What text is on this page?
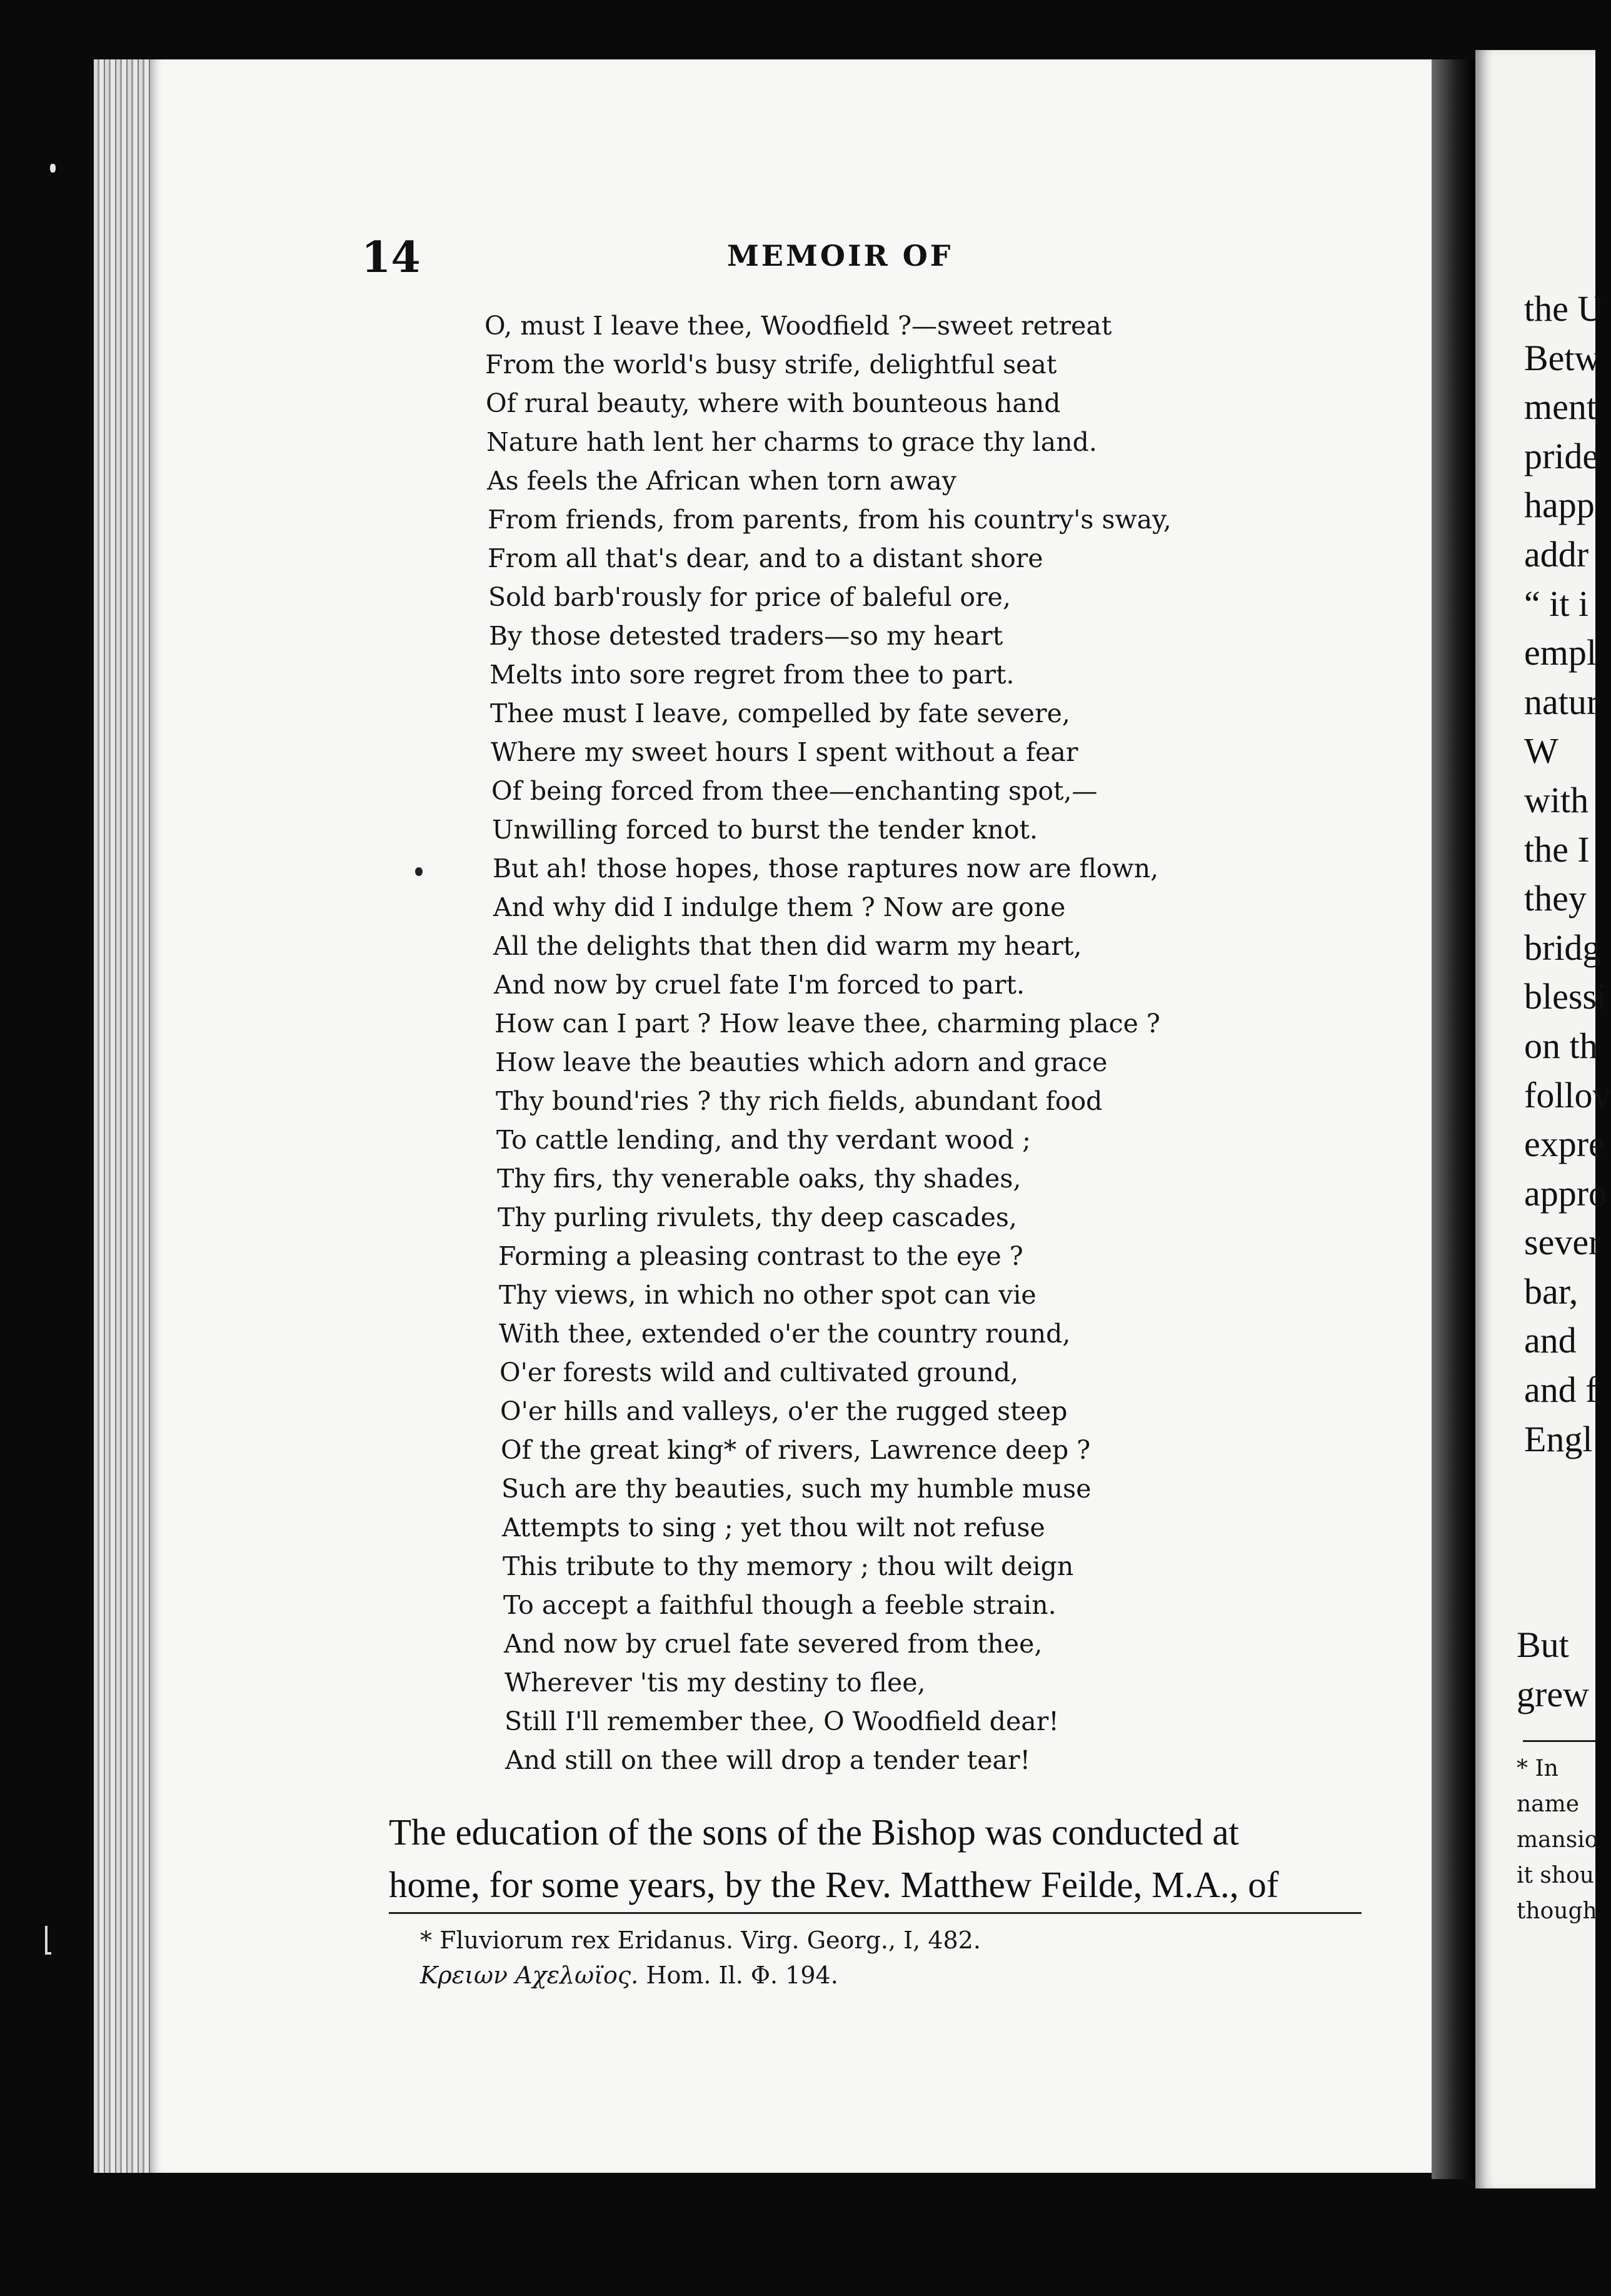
14	MEMOIR OF
O, must I leave thee, Woodfield ?—sweet retreat
From the world's busy strife, delightful seat
Of rural beauty, where with bounteous hand
Nature hath lent her charms to grace thy land.
As feels the African when torn away
From friends, from parents, from his country's sway,
From all that's dear, and to a distant shore
Sold barb'rously for price of baleful ore,
By those detested traders—so my heart
Melts into sore regret from thee to part.
Thee must I leave, compelled by fate severe,
Where my sweet hours I spent without a fear
Of being forced from thee—enchanting spot,—
Unwilling forced to burst the tender knot.
But ah! those hopes, those raptures now are flown,
And why did I indulge them ? Now are gone
All the delights that then did warm my heart,
And now by cruel fate I'm forced to part.
How can I part ? How leave thee, charming place ?
How leave the beauties which adorn and grace
Thy bound'ries ? thy rich fields, abundant food
To cattle lending, and thy verdant wood ;
Thy firs, thy venerable oaks, thy shades,
Thy purling rivulets, thy deep cascades,
Forming a pleasing contrast to the eye ?
Thy views, in which no other spot can vie
With thee, extended o'er the country round,
O'er forests wild and cultivated ground,
O'er hills and valleys, o'er the rugged steep
Of the great king* of rivers, Lawrence deep ?
Such are thy beauties, such my humble muse
Attempts to sing ; yet thou wilt not refuse
This tribute to thy memory ; thou wilt deign
To accept a faithful though a feeble strain.
And now by cruel fate severed from thee,
Wherever 'tis my destiny to flee,
Still I'll remember thee, O Woodfield dear!
And still on thee will drop a tender tear!
The education of the sons of the Bishop was conducted at
home, for some years, by the Rev. Matthew Feilde, M.A., of
* Fluviorum rex Eridanus. Virg. Georg., I, 482.
Κρειων Αχελωϊος. Hom. Il. Φ. 194.
the U
Betw
ment
pride
happ
addr
“ it i
empl
natur
W
with
the I
they
bridg
blessi
on th
follov
expre
appro
sever
bar,
and
and f
Engl
But
grew
* In
name
mansio
it shou
though
